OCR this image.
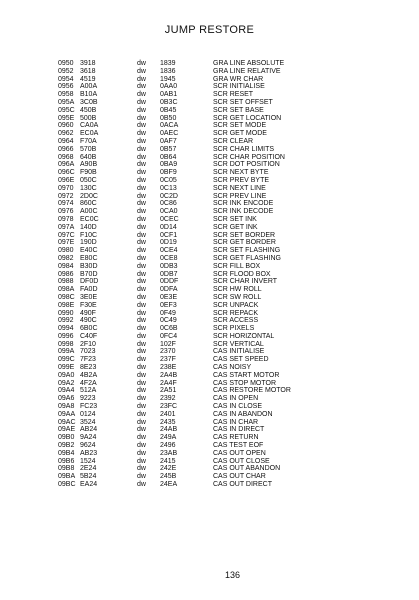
JUMP RESTORE
0950 3918	dw 1839	GRA LINE ABSOLUTE
0952 3618	dw 1836	GRA LINE RELATIVE
0954 4519	dw 1945	GRA WR CHAR
0956 A00A	dw 0AA0	SCR INITIALISE
0958 B10A	dw 0AB1	SCR RESET
095A 3C0B	dw 0B3C	SCR SET OFFSET
095C 450B	dw 0B45	SCR SET BASE
095E 500B	dw 0B50	SCR GET LOCATION
0960 CA0A	dw 0ACA	SCR SET MODE
0962 EC0A	dw 0AEC	SCR GET MODE
0964 F70A	dw 0AF7	SCR CLEAR
0966 570B	dw 0B57	SCR CHAR LIMITS
0968 640B	dw 0B64	SCR CHAR POSITION
096A A90B	dw 0BA9	SCR DOT POSITION
096C F90B	dw 0BF9	SCR NEXT BYTE
096E 050C	dw 0C05	SCR PREV BYTE
0970 130C	dw 0C13	SCR NEXT LINE
0972 2D0C	dw 0C2D	SCR PREV LINE
0974 860C	dw 0C86	SCR INK ENCODE
0976 A00C	dw 0CA0	SCR INK DECODE
0978 EC0C	dw 0CEC	SCR SET INK
097A 140D	dw 0D14	SCR GET INK
097C F10C	dw 0CF1	SCR SET BORDER
097E 190D	dw 0D19	SCR GET BORDER
0980 E40C	dw 0CE4	SCR SET FLASHING
0982 E80C	dw 0CE8	SCR GET FLASHING
0984 B30D	dw 0DB3	SCR FILL BOX
0986 B70D	dw 0DB7	SCR FLOOD BOX
0988 DF0D	dw 0DDF	SCR CHAR INVERT
098A FA0D	dw 0DFA	SCR HW ROLL
098C 3E0E	dw 0E3E	SCR SW ROLL
098E F30E	dw 0EF3	SCR UNPACK
0990 490F	dw 0F49	SCR REPACK
0992 490C	dw 0C49	SCR ACCESS
0994 6B0C	dw 0C6B	SCR PIXELS
0996 C40F	dw 0FC4	SCR HORIZONTAL
0998 2F10	dw 102F	SCR VERTICAL
099A 7023	dw 2370	CAS INITIALISE
099C 7F23	dw 237F	CAS SET SPEED
099E 8E23	dw 238E	CAS NOISY
09A0 4B2A	dw 2A4B	CAS START MOTOR
09A2 4F2A	dw 2A4F	CAS STOP MOTOR
09A4 512A	dw 2A51	CAS RESTORE MOTOR
09A6 9223	dw 2392	CAS IN OPEN
09A8 FC23	dw 23FC	CAS IN CLOSE
09AA 0124	dw 2401	CAS IN ABANDON
09AC 3524	dw 2435	CAS IN CHAR
09AE AB24	dw 24AB	CAS IN DIRECT
09B0 9A24	dw 249A	CAS RETURN
09B2 9624	dw 2496	CAS TEST EOF
09B4 AB23	dw 23AB	CAS OUT OPEN
09B6 1524	dw 2415	CAS OUT CLOSE
09B8 2E24	dw 242E	CAS OUT ABANDON
09BA 5B24	dw 245B	CAS OUT CHAR
09BC EA24	dw 24EA	CAS OUT DIRECT
136
